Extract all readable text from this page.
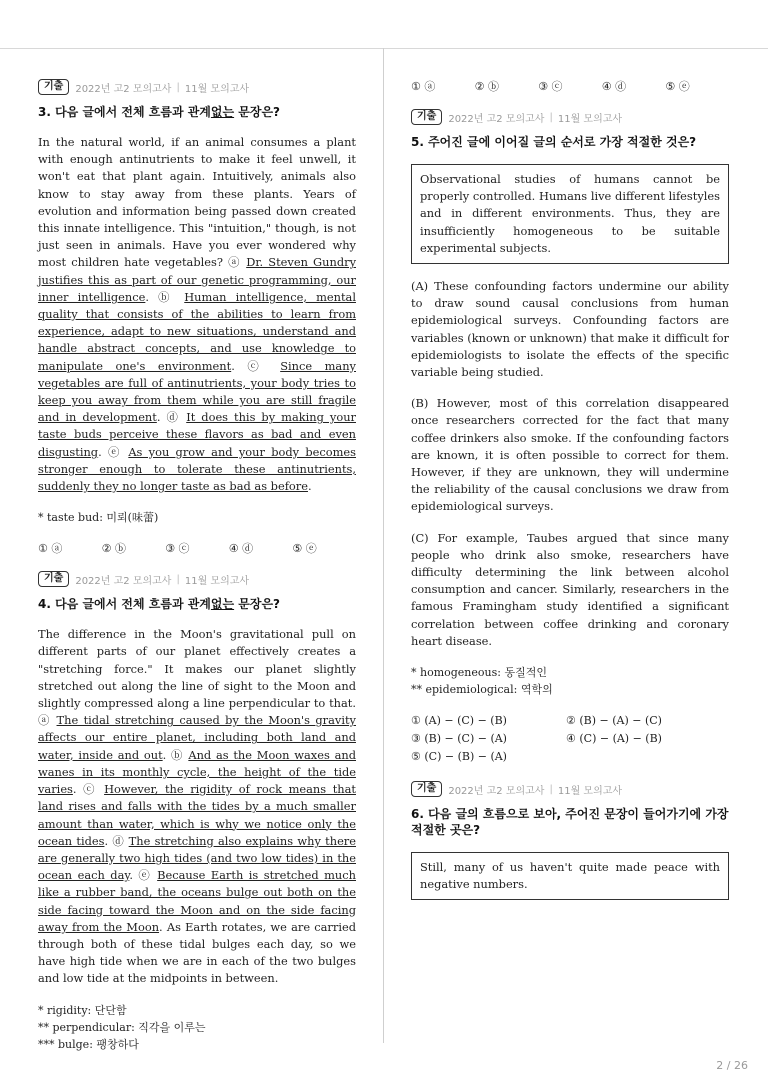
기출	2022년 고2 모의고사 | 11월 모의고사
3. 다음 글에서 전체 흐름과 관계없는 문장은?

In the natural world, if an animal consumes a plant with enough antinutrients to make it feel unwell, it won't eat that plant again. Intuitively, animals also know to stay away from these plants. Years of evolution and information being passed down created this innate intelligence. This "intuition," though, is not just seen in animals. Have you ever wondered why most children hate vegetables? ⓐ Dr. Steven Gundry justifies this as part of our genetic programming, our inner intelligence. ⓑ Human intelligence, mental quality that consists of the abilities to learn from experience, adapt to new situations, understand and handle abstract concepts, and use knowledge to manipulate one's environment. ⓒ Since many vegetables are full of antinutrients, your body tries to keep you away from them while you are still fragile and in development. ⓓ It does this by making your taste buds perceive these flavors as bad and even disgusting. ⓔ As you grow and your body becomes stronger enough to tolerate these antinutrients, suddenly they no longer taste as bad as before.

* taste bud: 미뢰(味蕾)
① ⓐ	② ⓑ	③ ⓒ	④ ⓓ	⑤ ⓔ
기출	2022년 고2 모의고사 | 11월 모의고사
4. 다음 글에서 전체 흐름과 관계없는 문장은?

The difference in the Moon's gravitational pull on different parts of our planet effectively creates a "stretching force." It makes our planet slightly stretched out along the line of sight to the Moon and slightly compressed along a line perpendicular to that. ⓐ The tidal stretching caused by the Moon's gravity affects our entire planet, including both land and water, inside and out. ⓑ And as the Moon waxes and wanes in its monthly cycle, the height of the tide varies. ⓒ However, the rigidity of rock means that land rises and falls with the tides by a much smaller amount than water, which is why we notice only the ocean tides. ⓓ The stretching also explains why there are generally two high tides (and two low tides) in the ocean each day. ⓔ Because Earth is stretched much like a rubber band, the oceans bulge out both on the side facing toward the Moon and on the side facing away from the Moon. As Earth rotates, we are carried through both of these tidal bulges each day, so we have high tide when we are in each of the two bulges and low tide at the midpoints in between.

* rigidity: 단단함
** perpendicular: 직각을 이루는
*** bulge: 팽창하다
① ⓐ	② ⓑ	③ ⓒ	④ ⓓ	⑤ ⓔ
기출	2022년 고2 모의고사 | 11월 모의고사
5. 주어진 글에 이어질 글의 순서로 가장 적절한 것은?
Observational studies of humans cannot be properly controlled. Humans live different lifestyles and in different environments. Thus, they are insufficiently homogeneous to be suitable experimental subjects.

(A) These confounding factors undermine our ability to draw sound causal conclusions from human epidemiological surveys. Confounding factors are variables (known or unknown) that make it difficult for epidemiologists to isolate the effects of the specific variable being studied.

(B) However, most of this correlation disappeared once researchers corrected for the fact that many coffee drinkers also smoke. If the confounding factors are known, it is often possible to correct for them. However, if they are unknown, they will undermine the reliability of the causal conclusions we draw from epidemiological surveys.

(C) For example, Taubes argued that since many people who drink also smoke, researchers have difficulty determining the link between alcohol consumption and cancer. Similarly, researchers in the famous Framingham study identified a significant correlation between coffee drinking and coronary heart disease.

* homogeneous: 동질적인
** epidemiological: 역학의
① (A) − (C) − (B)	② (B) − (A) − (C)
③ (B) − (C) − (A)	④ (C) − (A) − (B)
⑤ (C) − (B) − (A)
기출	2022년 고2 모의고사 | 11월 모의고사
6. 다음 글의 흐름으로 보아, 주어진 문장이 들어가기에 가장 적절한 곳은?
Still, many of us haven't quite made peace with negative numbers.
2 / 26
